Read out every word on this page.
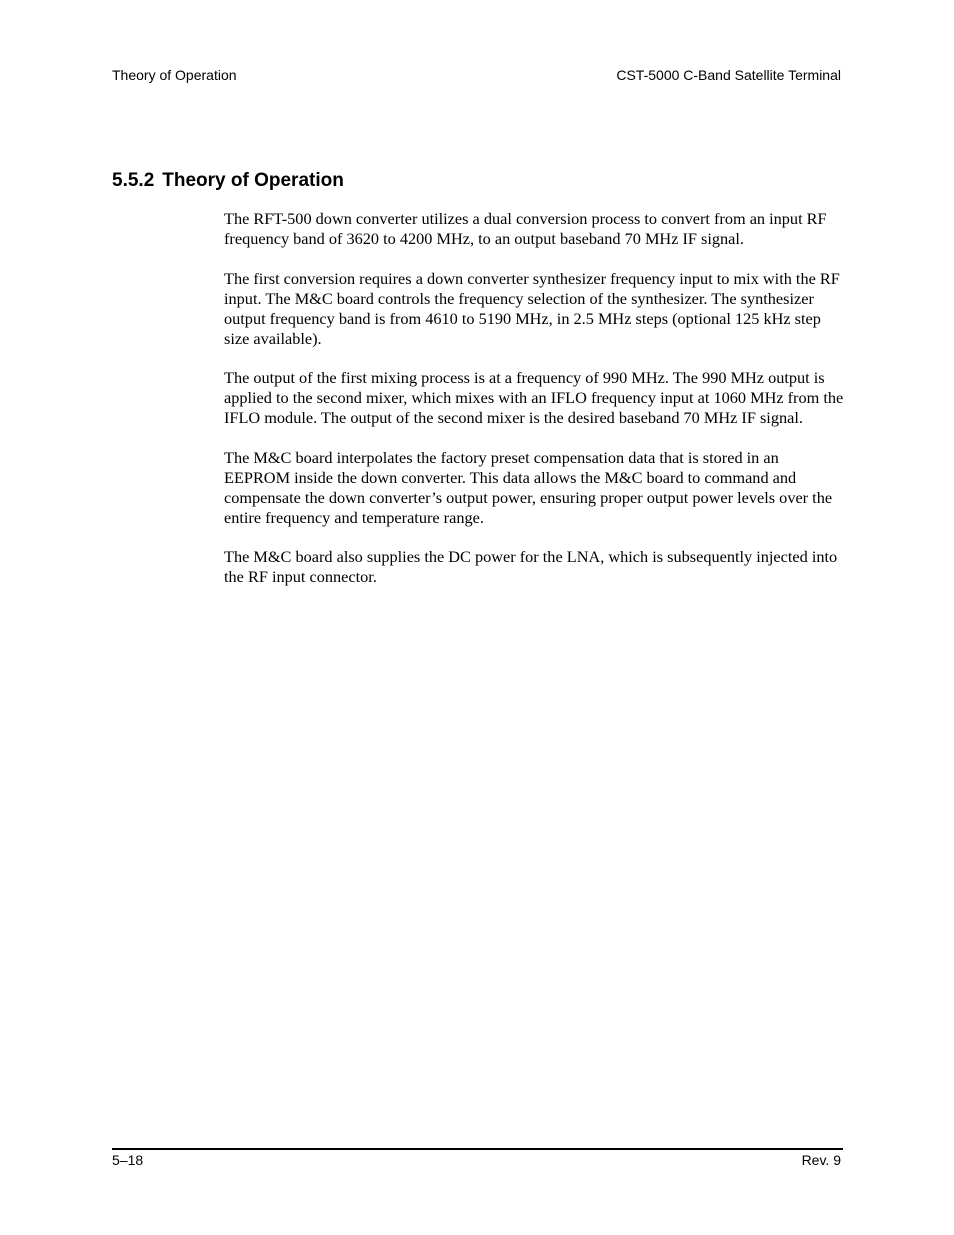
Theory of Operation	CST-5000 C-Band Satellite Terminal
5.5.2 Theory of Operation

The RFT-500 down converter utilizes a dual conversion process to convert from an input RF frequency band of 3620 to 4200 MHz, to an output baseband 70 MHz IF signal.

The first conversion requires a down converter synthesizer frequency input to mix with the RF input. The M&C board controls the frequency selection of the synthesizer. The synthesizer output frequency band is from 4610 to 5190 MHz, in 2.5 MHz steps (optional 125 kHz step size available).

The output of the first mixing process is at a frequency of 990 MHz. The 990 MHz output is applied to the second mixer, which mixes with an IFLO frequency input at 1060 MHz from the IFLO module. The output of the second mixer is the desired baseband 70 MHz IF signal.

The M&C board interpolates the factory preset compensation data that is stored in an EEPROM inside the down converter. This data allows the M&C board to command and compensate the down converter’s output power, ensuring proper output power levels over the entire frequency and temperature range.

The M&C board also supplies the DC power for the LNA, which is subsequently injected into the RF input connector.

5–18	Rev. 9
